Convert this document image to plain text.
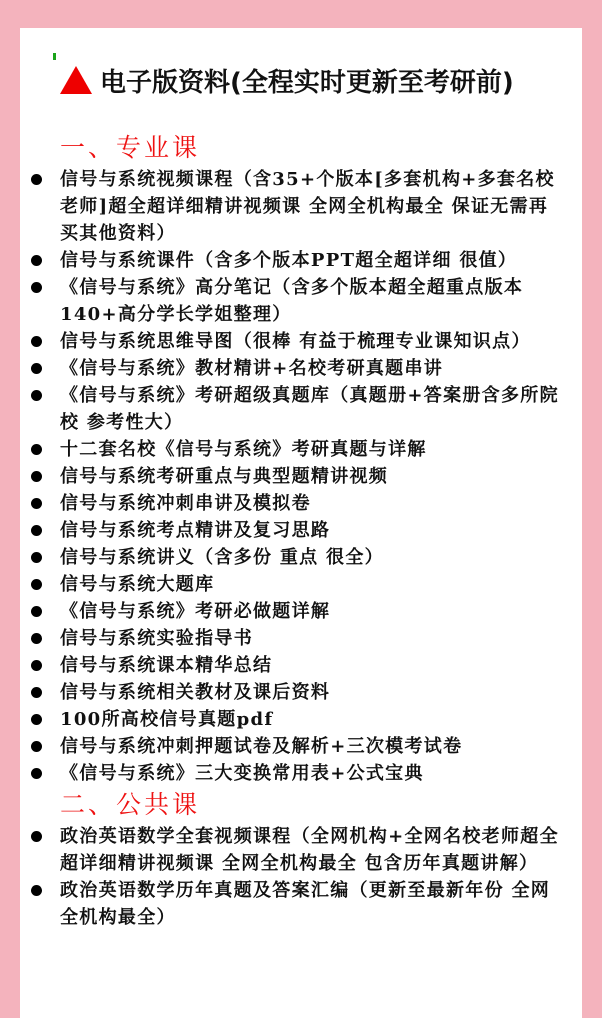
电子版资料(全程实时更新至考研前)
一、专业课
信号与系统视频课程（含35+个版本[多套机构+多套名校老师]超全超详细精讲视频课 全网全机构最全 保证无需再买其他资料）
信号与系统课件（含多个版本PPT超全超详细 很值）
《信号与系统》高分笔记（含多个版本超全超重点版本 140+高分学长学姐整理）
信号与系统思维导图（很棒 有益于梳理专业课知识点）
《信号与系统》教材精讲+名校考研真题串讲
《信号与系统》考研超级真题库（真题册+答案册含多所院校 参考性大）
十二套名校《信号与系统》考研真题与详解
信号与系统考研重点与典型题精讲视频
信号与系统冲刺串讲及模拟卷
信号与系统考点精讲及复习思路
信号与系统讲义（含多份 重点 很全）
信号与系统大题库
《信号与系统》考研必做题详解
信号与系统实验指导书
信号与系统课本精华总结
信号与系统相关教材及课后资料
100所高校信号真题pdf
信号与系统冲刺押题试卷及解析+三次模考试卷
《信号与系统》三大变换常用表+公式宝典
二、公共课
政治英语数学全套视频课程（全网机构+全网名校老师超全超详细精讲视频课 全网全机构最全 包含历年真题讲解）
政治英语数学历年真题及答案汇编（更新至最新年份 全网全机构最全）
